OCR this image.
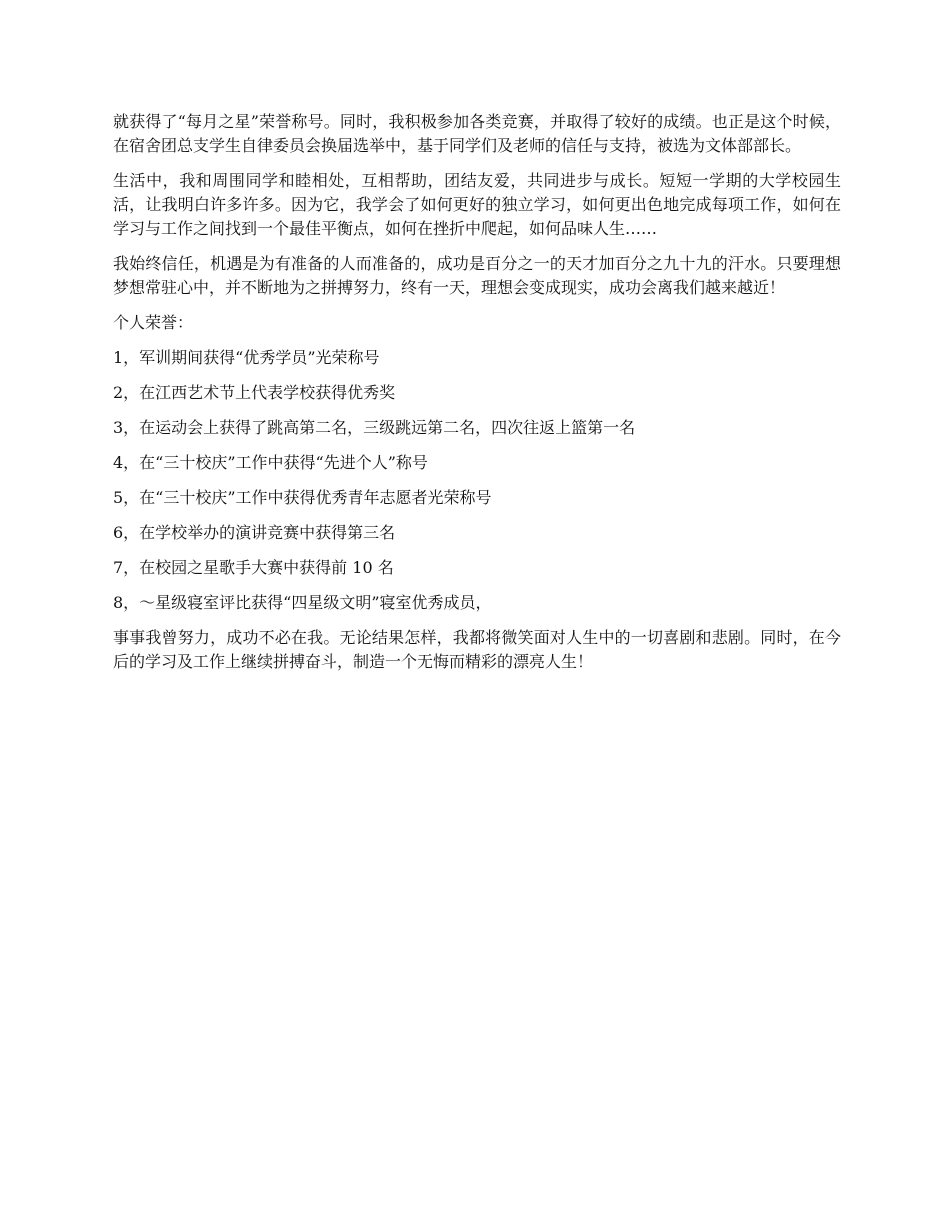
就获得了“每月之星”荣誉称号。同时，我积极参加各类竞赛，并取得了较好的成绩。也正是这个时候，在宿舍团总支学生自律委员会换届选举中，基于同学们及老师的信任与支持，被选为文体部部长。

生活中，我和周围同学和睦相处，互相帮助，团结友爱，共同进步与成长。短短一学期的大学校园生活，让我明白许多许多。因为它，我学会了如何更好的独立学习，如何更出色地完成每项工作，如何在学习与工作之间找到一个最佳平衡点，如何在挫折中爬起，如何品味人生……

我始终信任，机遇是为有准备的人而准备的，成功是百分之一的天才加百分之九十九的汗水。只要理想梦想常驻心中，并不断地为之拼搏努力，终有一天，理想会变成现实，成功会离我们越来越近！

个人荣誉：

1，军训期间获得“优秀学员”光荣称号

2，在江西艺术节上代表学校获得优秀奖

3，在运动会上获得了跳高第二名，三级跳远第二名，四次往返上篮第一名

4，在“三十校庆”工作中获得“先进个人”称号

5，在“三十校庆”工作中获得优秀青年志愿者光荣称号

6，在学校举办的演讲竞赛中获得第三名

7，在校园之星歌手大赛中获得前 10 名

8，～星级寝室评比获得“四星级文明”寝室优秀成员，

事事我曾努力，成功不必在我。无论结果怎样，我都将微笑面对人生中的一切喜剧和悲剧。同时，在今后的学习及工作上继续拼搏奋斗，制造一个无悔而精彩的漂亮人生！
